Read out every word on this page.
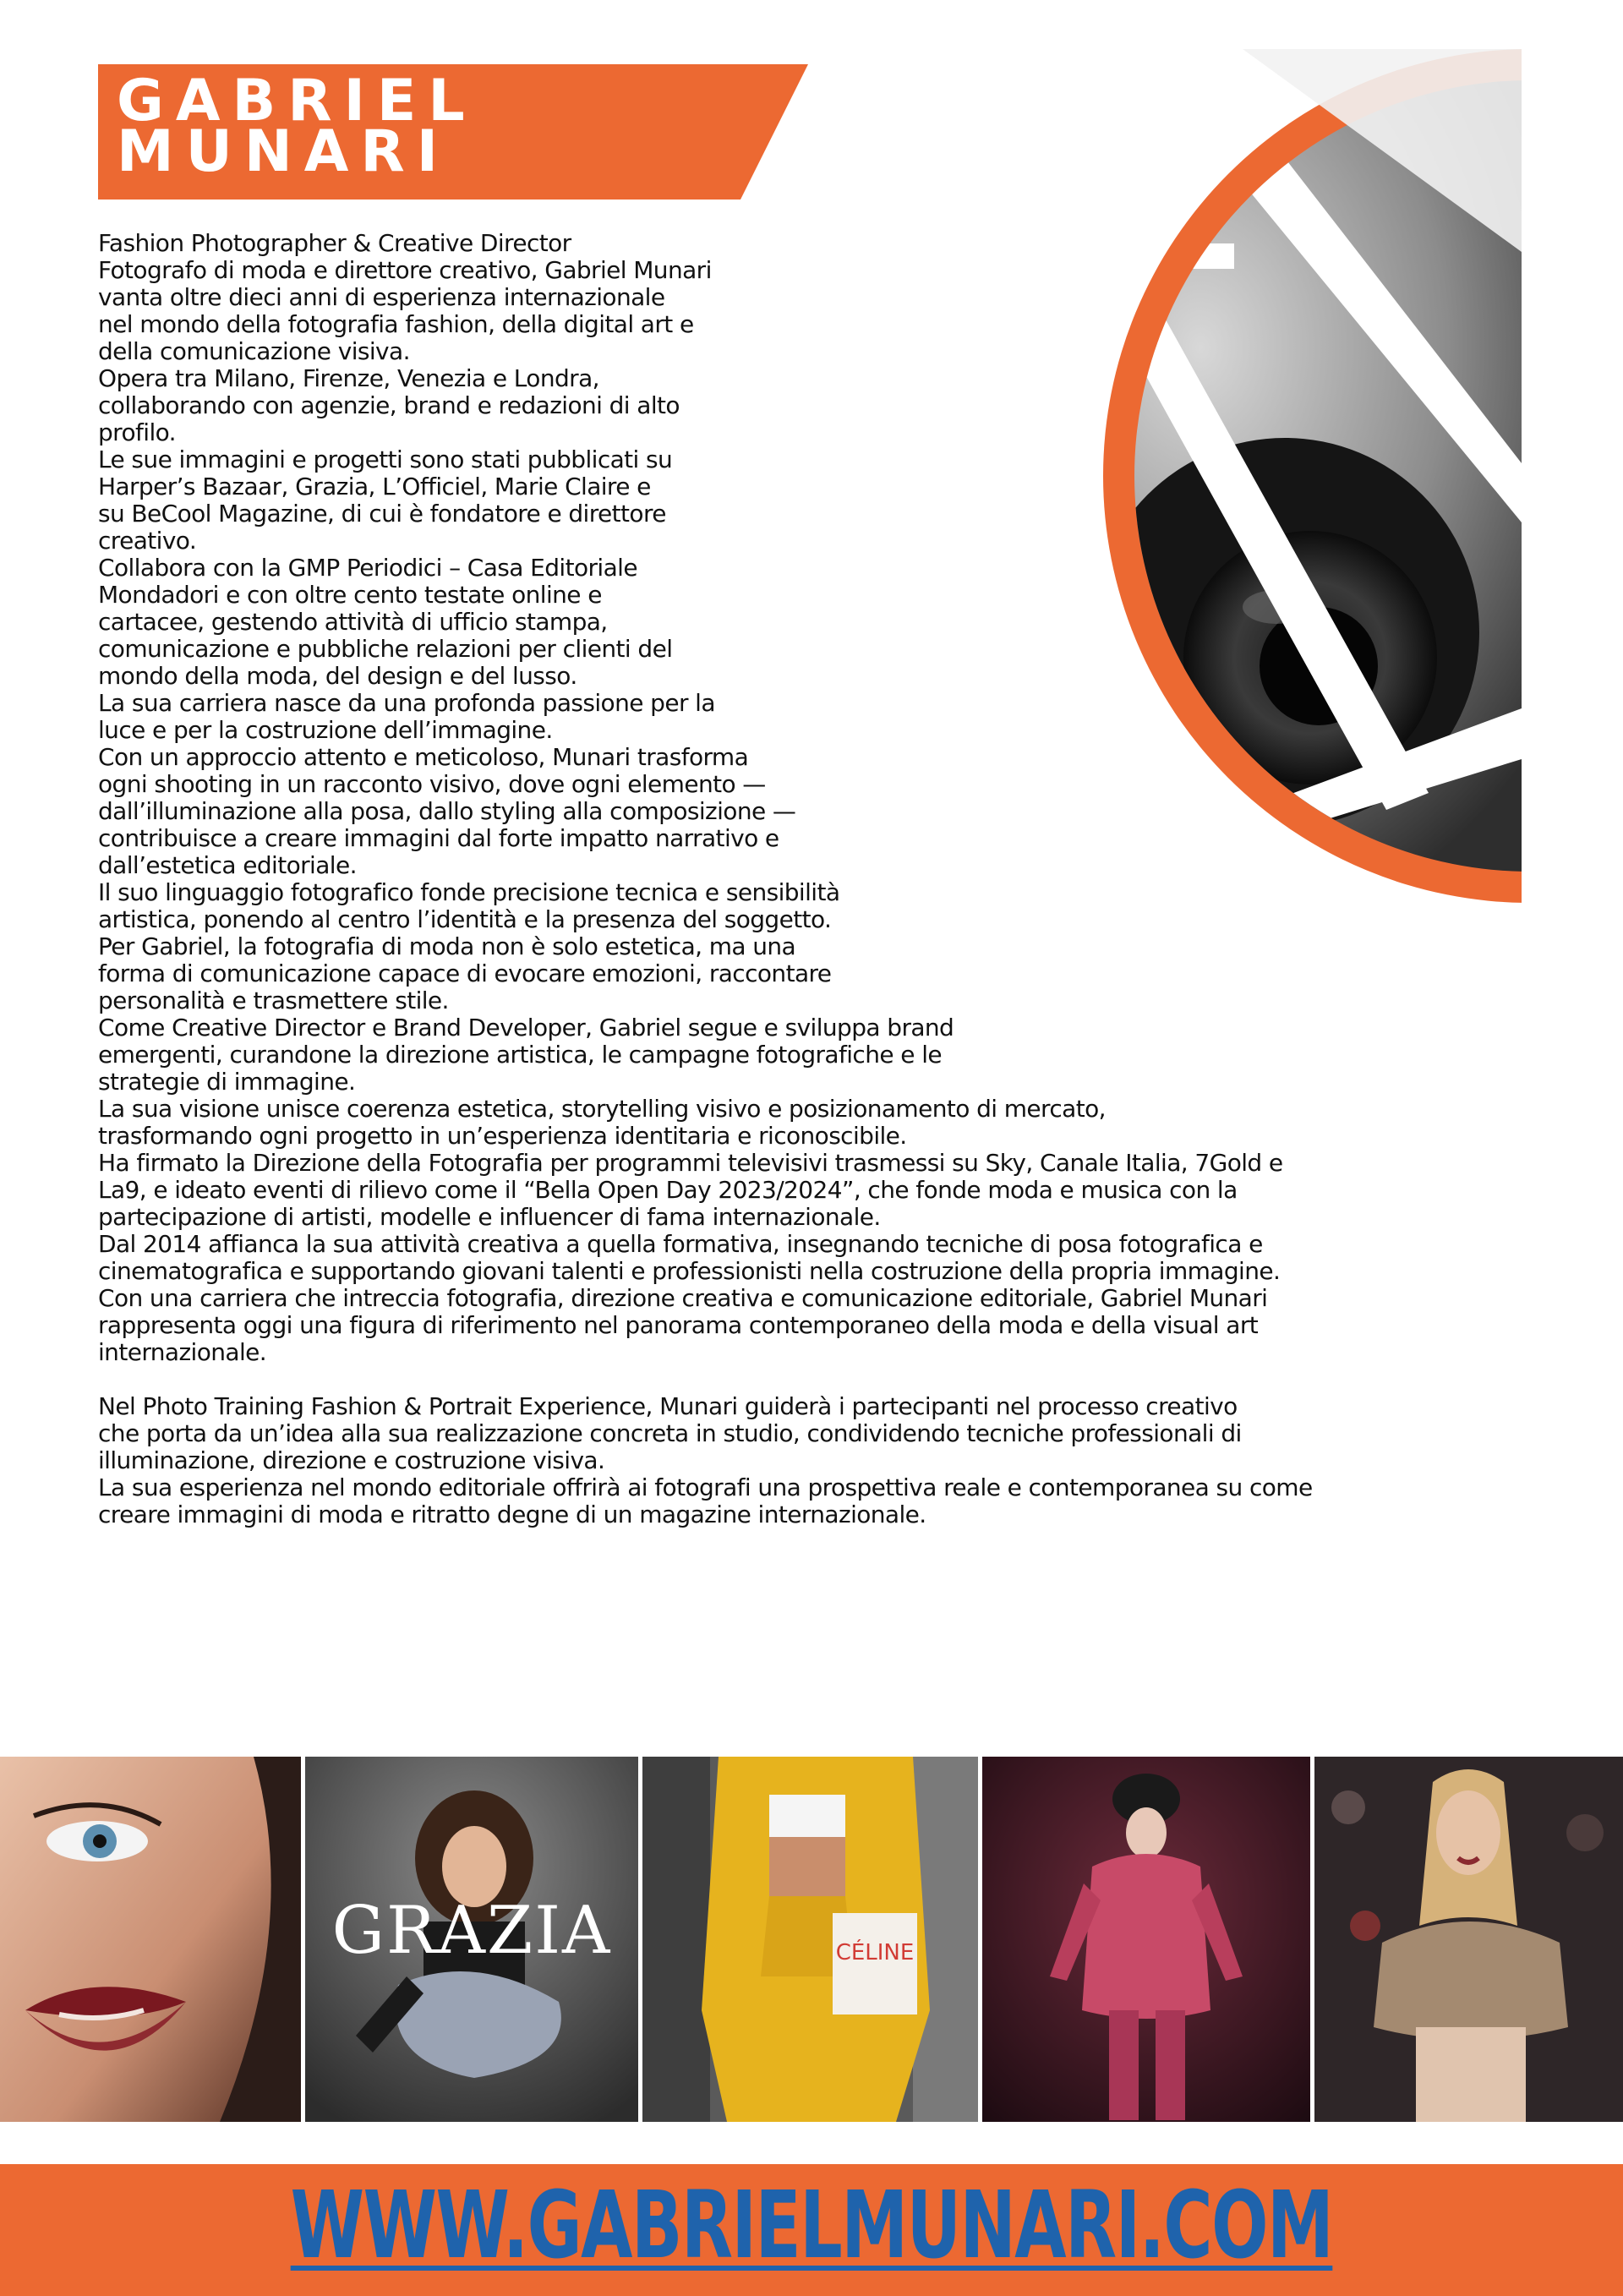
GABRIEL
MUNARI
Fashion Photographer & Creative Director
Fotografo di moda e direttore creativo, Gabriel Munari
vanta oltre dieci anni di esperienza internazionale
nel mondo della fotografia fashion, della digital art e
della comunicazione visiva.
Opera tra Milano, Firenze, Venezia e Londra,
collaborando con agenzie, brand e redazioni di alto
profilo.
Le sue immagini e progetti sono stati pubblicati su
Harper’s Bazaar, Grazia, L’Officiel, Marie Claire e
su BeCool Magazine, di cui è fondatore e direttore
creativo.
Collabora con la GMP Periodici – Casa Editoriale
Mondadori e con oltre cento testate online e
cartacee, gestendo attività di ufficio stampa,
comunicazione e pubbliche relazioni per clienti del
mondo della moda, del design e del lusso.
La sua carriera nasce da una profonda passione per la
luce e per la costruzione dell’immagine.
Con un approccio attento e meticoloso, Munari trasforma
ogni shooting in un racconto visivo, dove ogni elemento —
dall’illuminazione alla posa, dallo styling alla composizione —
contribuisce a creare immagini dal forte impatto narrativo e
dall’estetica editoriale.
Il suo linguaggio fotografico fonde precisione tecnica e sensibilità
artistica, ponendo al centro l’identità e la presenza del soggetto.
Per Gabriel, la fotografia di moda non è solo estetica, ma una
forma di comunicazione capace di evocare emozioni, raccontare
personalità e trasmettere stile.
Come Creative Director e Brand Developer, Gabriel segue e sviluppa brand
emergenti, curandone la direzione artistica, le campagne fotografiche e le
strategie di immagine.
La sua visione unisce coerenza estetica, storytelling visivo e posizionamento di mercato,
trasformando ogni progetto in un’esperienza identitaria e riconoscibile.
Ha firmato la Direzione della Fotografia per programmi televisivi trasmessi su Sky, Canale Italia, 7Gold e
La9, e ideato eventi di rilievo come il “Bella Open Day 2023/2024”, che fonde moda e musica con la
partecipazione di artisti, modelle e influencer di fama internazionale.
Dal 2014 affianca la sua attività creativa a quella formativa, insegnando tecniche di posa fotografica e
cinematografica e supportando giovani talenti e professionisti nella costruzione della propria immagine.
Con una carriera che intreccia fotografia, direzione creativa e comunicazione editoriale, Gabriel Munari
rappresenta oggi una figura di riferimento nel panorama contemporaneo della moda e della visual art
internazionale.
Nel Photo Training Fashion & Portrait Experience, Munari guiderà i partecipanti nel processo creativo
che porta da un’idea alla sua realizzazione concreta in studio, condividendo tecniche professionali di
illuminazione, direzione e costruzione visiva.
La sua esperienza nel mondo editoriale offrirà ai fotografi una prospettiva reale e contemporanea su come
creare immagini di moda e ritratto degne di un magazine internazionale.
GRAZIA	CÉLINE
WWW.GABRIELMUNARI.COM
